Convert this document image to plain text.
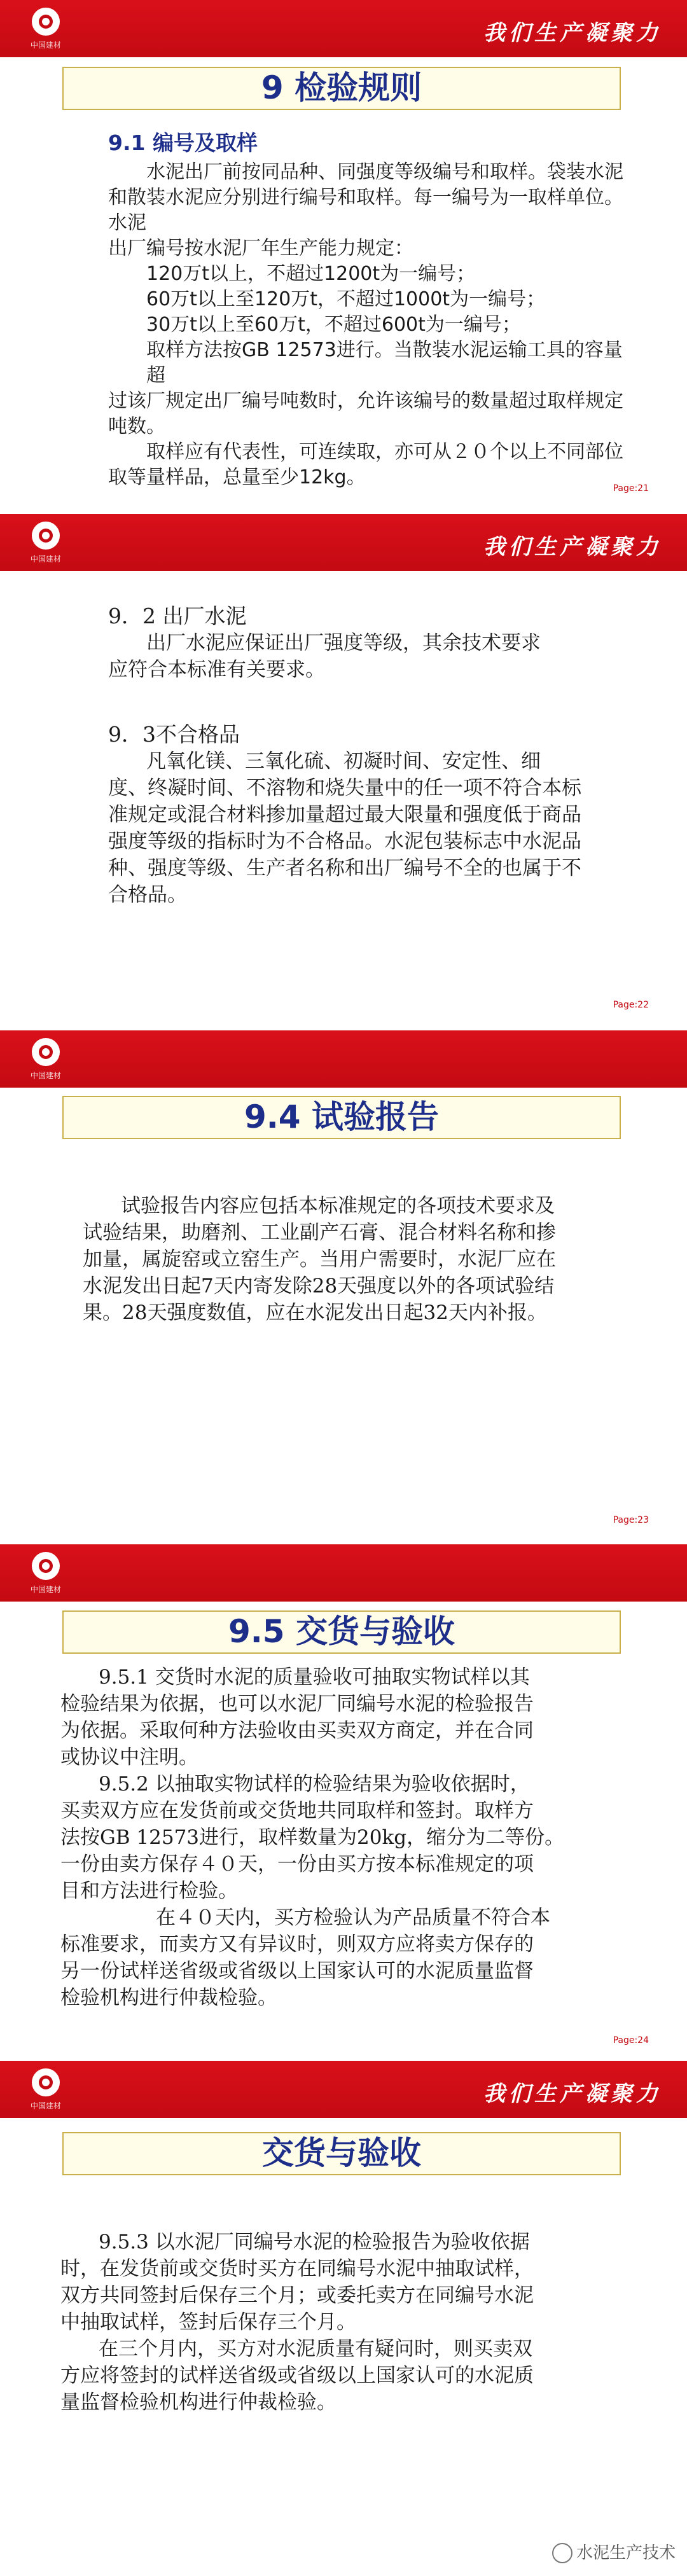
中国建材	我们生产凝聚力
9 检验规则

9.1 编号及取样

水泥出厂前按同品种、同强度等级编号和取样。袋装水泥

和散装水泥应分别进行编号和取样。每一编号为一取样单位。水泥

出厂编号按水泥厂年生产能力规定：

120万t以上，不超过1200t为一编号；

60万t以上至120万t，不超过1000t为一编号；

30万t以上至60万t，不超过600t为一编号；

取样方法按GB 12573进行。当散装水泥运输工具的容量超

过该厂规定出厂编号吨数时，允许该编号的数量超过取样规定吨数。

取样应有代表性，可连续取，亦可从２０个以上不同部位

取等量样品，总量至少12kg。	Page:21
中国建材	我们生产凝聚力

9．2 出厂水泥

出厂水泥应保证出厂强度等级，其余技术要求

应符合本标准有关要求。

9．3不合格品

凡氧化镁、三氧化硫、初凝时间、安定性、细

度、终凝时间、不溶物和烧失量中的任一项不符合本标

准规定或混合材料掺加量超过最大限量和强度低于商品

强度等级的指标时为不合格品。水泥包装标志中水泥品

种、强度等级、生产者名称和出厂编号不全的也属于不

合格品。

Page:22
中国建材
9.4 试验报告

试验报告内容应包括本标准规定的各项技术要求及

试验结果，助磨剂、工业副产石膏、混合材料名称和掺

加量，属旋窑或立窑生产。当用户需要时，水泥厂应在

水泥发出日起7天内寄发除28天强度以外的各项试验结

果。28天强度数值，应在水泥发出日起32天内补报。

Page:23
中国建材
9.5 交货与验收

9.5.1 交货时水泥的质量验收可抽取实物试样以其

检验结果为依据，也可以水泥厂同编号水泥的检验报告

为依据。采取何种方法验收由买卖双方商定，并在合同

或协议中注明。

9.5.2 以抽取实物试样的检验结果为验收依据时，

买卖双方应在发货前或交货地共同取样和签封。取样方

法按GB 12573进行，取样数量为20kg，缩分为二等份。

一份由卖方保存４０天，一份由买方按本标准规定的项

目和方法进行检验。

在４０天内，买方检验认为产品质量不符合本

标准要求，而卖方又有异议时，则双方应将卖方保存的

另一份试样送省级或省级以上国家认可的水泥质量监督

检验机构进行仲裁检验。

Page:24
中国建材	我们生产凝聚力
交货与验收

9.5.3 以水泥厂同编号水泥的检验报告为验收依据

时，在发货前或交货时买方在同编号水泥中抽取试样，

双方共同签封后保存三个月；或委托卖方在同编号水泥

中抽取试样，签封后保存三个月。

在三个月内，买方对水泥质量有疑问时，则买卖双

方应将签封的试样送省级或省级以上国家认可的水泥质

量监督检验机构进行仲裁检验。

水泥生产技术
